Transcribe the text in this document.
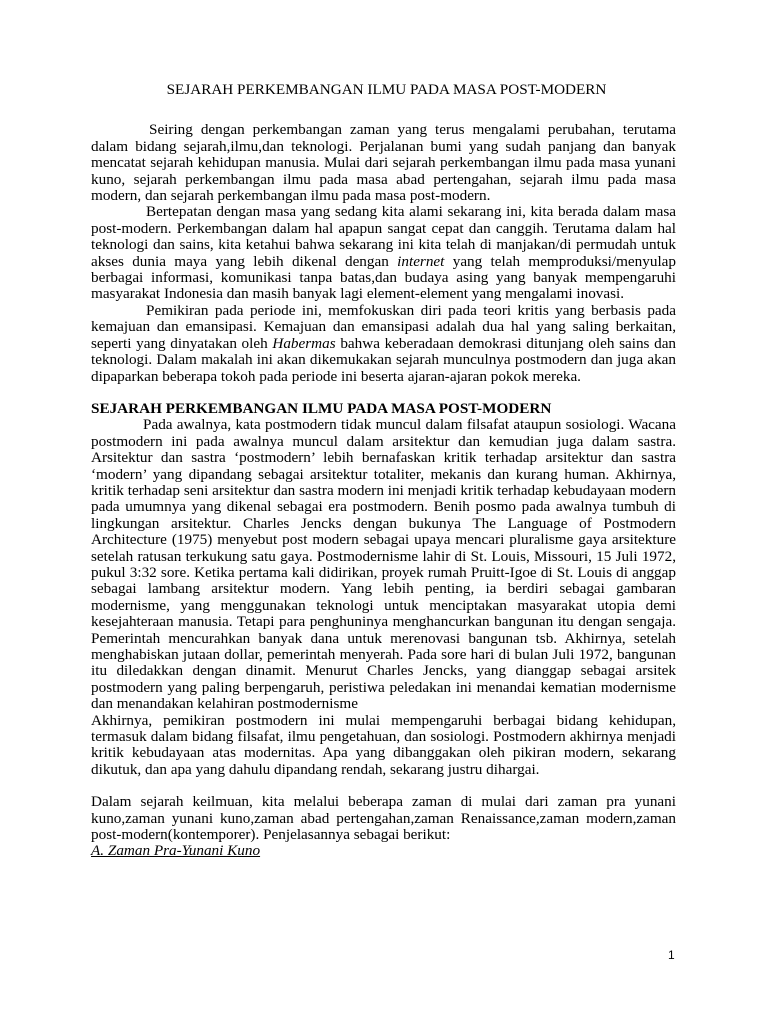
SEJARAH PERKEMBANGAN ILMU PADA MASA POST-MODERN

Seiring dengan perkembangan zaman yang terus mengalami perubahan, terutama dalam bidang sejarah,ilmu,dan teknologi. Perjalanan bumi yang sudah panjang dan banyak mencatat sejarah kehidupan manusia. Mulai dari sejarah perkembangan ilmu pada masa yunani kuno, sejarah perkembangan ilmu pada masa abad pertengahan, sejarah ilmu pada masa modern, dan sejarah perkembangan ilmu pada masa post-modern.

Bertepatan dengan masa yang sedang kita alami sekarang ini, kita berada dalam masa post-modern. Perkembangan dalam hal apapun sangat cepat dan canggih. Terutama dalam hal teknologi dan sains, kita ketahui bahwa sekarang ini kita telah di manjakan/di permudah untuk akses dunia maya yang lebih dikenal dengan internet yang telah memproduksi/menyulap berbagai informasi, komunikasi tanpa batas,dan budaya asing yang banyak mempengaruhi masyarakat Indonesia dan masih banyak lagi element-element yang mengalami inovasi.

Pemikiran pada periode ini, memfokuskan diri pada teori kritis yang berbasis pada kemajuan dan emansipasi. Kemajuan dan emansipasi adalah dua hal yang saling berkaitan, seperti yang dinyatakan oleh Habermas bahwa keberadaan demokrasi ditunjang oleh sains dan teknologi. Dalam makalah ini akan dikemukakan sejarah munculnya postmodern dan juga akan dipaparkan beberapa tokoh pada periode ini beserta ajaran-ajaran pokok mereka.

SEJARAH PERKEMBANGAN ILMU PADA MASA POST-MODERN

Pada awalnya, kata postmodern tidak muncul dalam filsafat ataupun sosiologi. Wacana postmodern ini pada awalnya muncul dalam arsitektur dan kemudian juga dalam sastra. Arsitektur dan sastra ‘postmodern’ lebih bernafaskan kritik terhadap arsitektur dan sastra ‘modern’ yang dipandang sebagai arsitektur totaliter, mekanis dan kurang human. Akhirnya, kritik terhadap seni arsitektur dan sastra modern ini menjadi kritik terhadap kebudayaan modern pada umumnya yang dikenal sebagai era postmodern. Benih posmo pada awalnya tumbuh di lingkungan arsitektur. Charles Jencks dengan bukunya The Language of Postmodern Architecture (1975) menyebut post modern sebagai upaya mencari pluralisme gaya arsitekture setelah ratusan terkukung satu gaya. Postmodernisme lahir di St. Louis, Missouri, 15 Juli 1972, pukul 3:32 sore. Ketika pertama kali didirikan, proyek rumah Pruitt-Igoe di St. Louis di anggap sebagai lambang arsitektur modern. Yang lebih penting, ia berdiri sebagai gambaran modernisme, yang menggunakan teknologi untuk menciptakan masyarakat utopia demi kesejahteraan manusia. Tetapi para penghuninya menghancurkan bangunan itu dengan sengaja. Pemerintah mencurahkan banyak dana untuk merenovasi bangunan tsb. Akhirnya, setelah menghabiskan jutaan dollar, pemerintah menyerah. Pada sore hari di bulan Juli 1972, bangunan itu diledakkan dengan dinamit. Menurut Charles Jencks, yang dianggap sebagai arsitek postmodern yang paling berpengaruh, peristiwa peledakan ini menandai kematian modernisme dan menandakan kelahiran postmodernisme

Akhirnya, pemikiran postmodern ini mulai mempengaruhi berbagai bidang kehidupan, termasuk dalam bidang filsafat, ilmu pengetahuan, dan sosiologi. Postmodern akhirnya menjadi kritik kebudayaan atas modernitas. Apa yang dibanggakan oleh pikiran modern, sekarang dikutuk, dan apa yang dahulu dipandang rendah, sekarang justru dihargai.

Dalam sejarah keilmuan, kita melalui beberapa zaman di mulai dari zaman pra yunani kuno,zaman yunani kuno,zaman abad pertengahan,zaman Renaissance,zaman modern,zaman post-modern(kontemporer). Penjelasannya sebagai berikut:

A. Zaman Pra-Yunani Kuno
1
